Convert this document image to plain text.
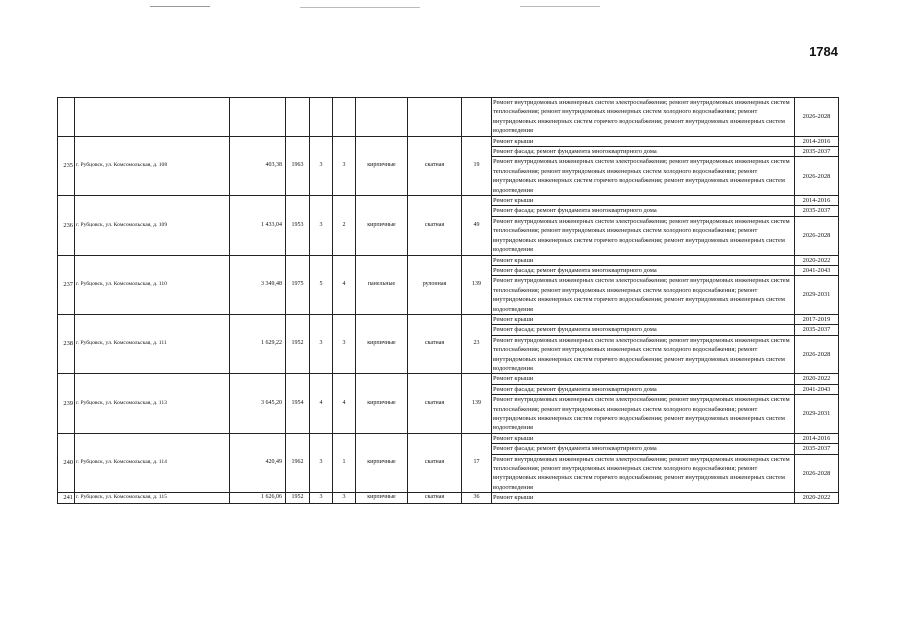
1784
									Ремонт внутридомовых инженерных систем электроснабжения; ремонт внутридомовых инженерных систем теплоснабжения; ремонт внутридомовых инженерных систем холодного водоснабжения; ремонт внутридомовых инженерных систем горячего водоснабжения; ремонт внутридомовых инженерных систем водоотведения	2026-2028
235	г. Рубцовск, ул. Комсомольская, д. 108	403,38	1963	3	3	кирпичные	скатная	19	Ремонт крыши	2014-2016
									Ремонт фасада; ремонт фундамента многоквартирного дома	2035-2037
									Ремонт внутридомовых инженерных систем электроснабжения; ремонт внутридомовых инженерных систем теплоснабжения; ремонт внутридомовых инженерных систем холодного водоснабжения; ремонт внутридомовых инженерных систем горячего водоснабжения; ремонт внутридомовых инженерных систем водоотведения	2026-2028
236	г. Рубцовск, ул. Комсомольская, д. 109	1 433,04	1953	3	2	кирпичные	скатная	49	Ремонт крыши	2014-2016
									Ремонт фасада; ремонт фундамента многоквартирного дома	2035-2037
									Ремонт внутридомовых инженерных систем электроснабжения; ремонт внутридомовых инженерных систем теплоснабжения; ремонт внутридомовых инженерных систем холодного водоснабжения; ремонт внутридомовых инженерных систем горячего водоснабжения; ремонт внутридомовых инженерных систем водоотведения	2026-2028
237	г. Рубцовск, ул. Комсомольская, д. 110	3 349,48	1975	5	4	панельные	рулонная	139	Ремонт крыши	2020-2022
									Ремонт фасада; ремонт фундамента многоквартирного дома	2041-2043
									Ремонт внутридомовых инженерных систем электроснабжения; ремонт внутридомовых инженерных систем теплоснабжения; ремонт внутридомовых инженерных систем холодного водоснабжения; ремонт внутридомовых инженерных систем горячего водоснабжения; ремонт внутридомовых инженерных систем водоотведения	2029-2031
238	г. Рубцовск, ул. Комсомольская, д. 111	1 629,22	1952	3	3	кирпичные	скатная	23	Ремонт крыши	2017-2019
									Ремонт фасада; ремонт фундамента многоквартирного дома	2035-2037
									Ремонт внутридомовых инженерных систем электроснабжения; ремонт внутридомовых инженерных систем теплоснабжения; ремонт внутридомовых инженерных систем холодного водоснабжения; ремонт внутридомовых инженерных систем горячего водоснабжения; ремонт внутридомовых инженерных систем водоотведения	2026-2028
239	г. Рубцовск, ул. Комсомольская, д. 113	3 645,20	1954	4	4	кирпичные	скатная	139	Ремонт крыши	2020-2022
									Ремонт фасада; ремонт фундамента многоквартирного дома	2041-2043
									Ремонт внутридомовых инженерных систем электроснабжения; ремонт внутридомовых инженерных систем теплоснабжения; ремонт внутридомовых инженерных систем холодного водоснабжения; ремонт внутридомовых инженерных систем горячего водоснабжения; ремонт внутридомовых инженерных систем водоотведения	2029-2031
240	г. Рубцовск, ул. Комсомольская, д. 114	420,49	1962	3	1	кирпичные	скатная	17	Ремонт крыши	2014-2016
									Ремонт фасада; ремонт фундамента многоквартирного дома	2035-2037
									Ремонт внутридомовых инженерных систем электроснабжения; ремонт внутридомовых инженерных систем теплоснабжения; ремонт внутридомовых инженерных систем холодного водоснабжения; ремонт внутридомовых инженерных систем горячего водоснабжения; ремонт внутридомовых инженерных систем водоотведения	2026-2028
241	г. Рубцовск, ул. Комсомольская, д. 115	1 626,06	1952	3	3	кирпичные	скатная	36	Ремонт крыши	2020-2022
